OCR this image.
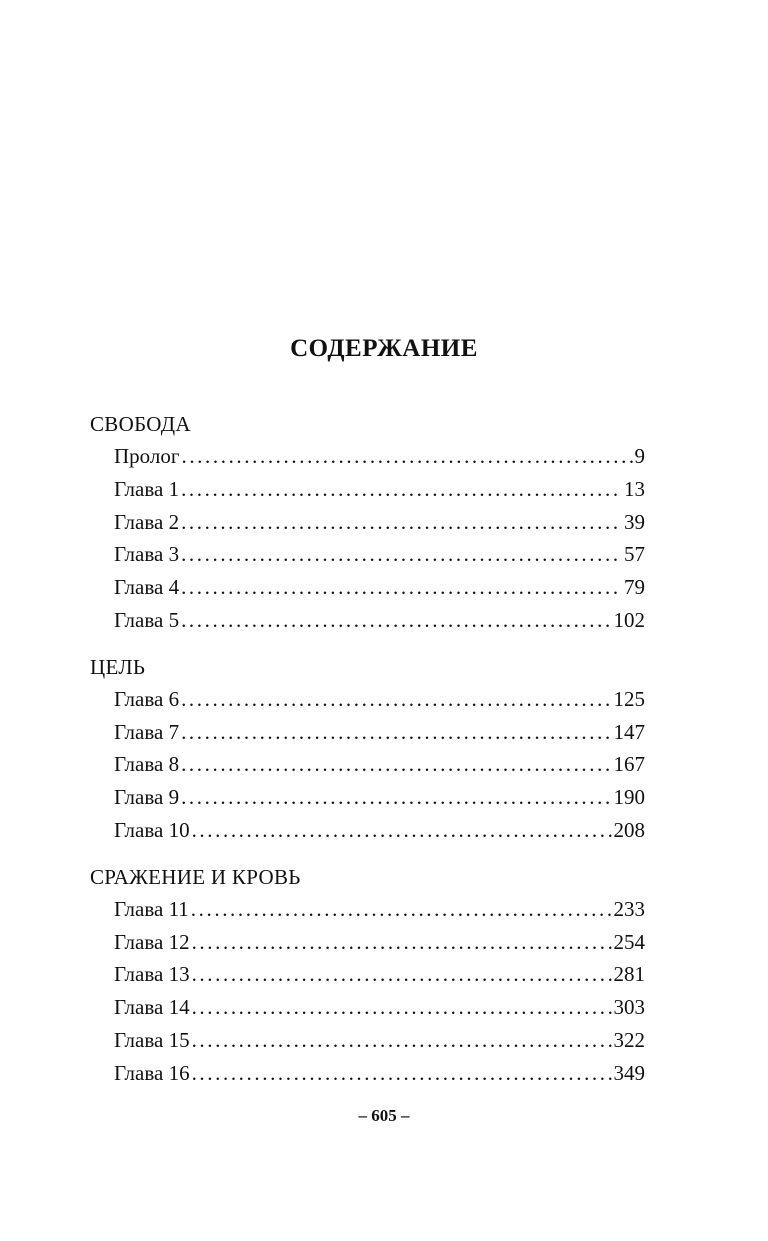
СОДЕРЖАНИЕ
СВОБОДА
Пролог .....	9
Глава 1 .....	13
Глава 2 .....	39
Глава 3 .....	57
Глава 4 .....	79
Глава 5 .....	102
ЦЕЛЬ
Глава 6 .....	125
Глава 7 .....	147
Глава 8 .....	167
Глава 9 .....	190
Глава 10 .....	208
СРАЖЕНИЕ И КРОВЬ
Глава 11 .....	233
Глава 12 .....	254
Глава 13 .....	281
Глава 14 .....	303
Глава 15 .....	322
Глава 16 .....	349
– 605 –
